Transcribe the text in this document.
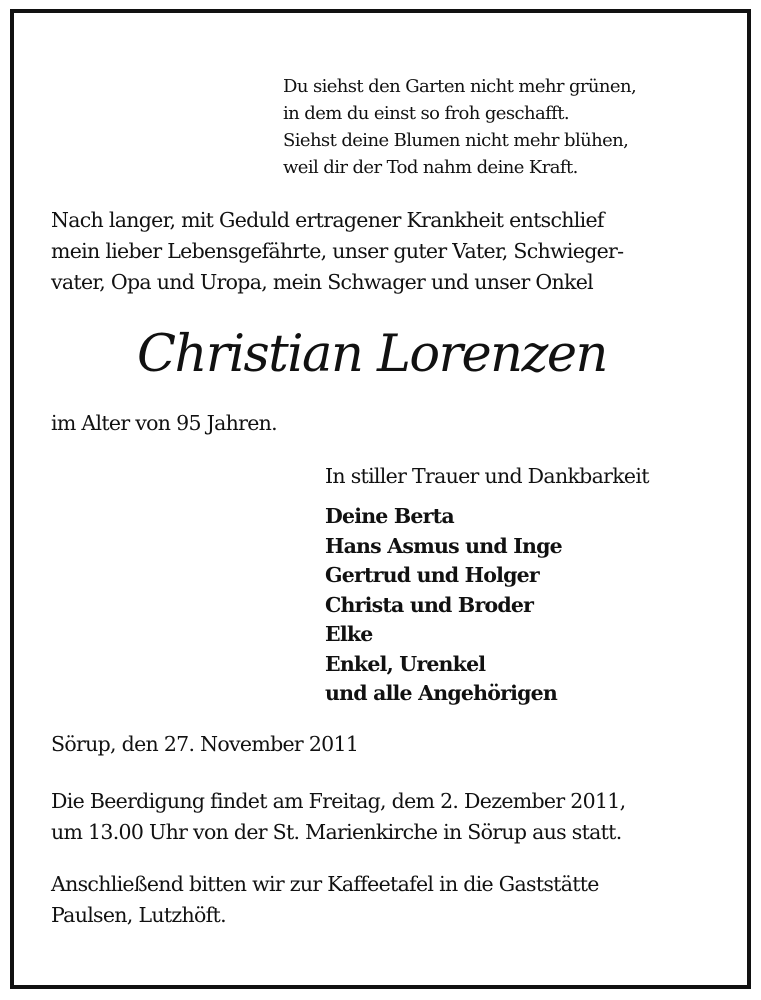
Du siehst den Garten nicht mehr grünen,
in dem du einst so froh geschafft.
Siehst deine Blumen nicht mehr blühen,
weil dir der Tod nahm deine Kraft.
Nach langer, mit Geduld ertragener Krankheit entschlief
mein lieber Lebensgefährte, unser guter Vater, Schwieger-
vater, Opa und Uropa, mein Schwager und unser Onkel
Christian Lorenzen
im Alter von 95 Jahren.
In stiller Trauer und Dankbarkeit
Deine Berta
Hans Asmus und Inge
Gertrud und Holger
Christa und Broder
Elke
Enkel, Urenkel
und alle Angehörigen
Sörup, den 27. November 2011
Die Beerdigung findet am Freitag, dem 2. Dezember 2011,
um 13.00 Uhr von der St. Marienkirche in Sörup aus statt.
Anschließend bitten wir zur Kaffeetafel in die Gaststätte
Paulsen, Lutzhöft.
